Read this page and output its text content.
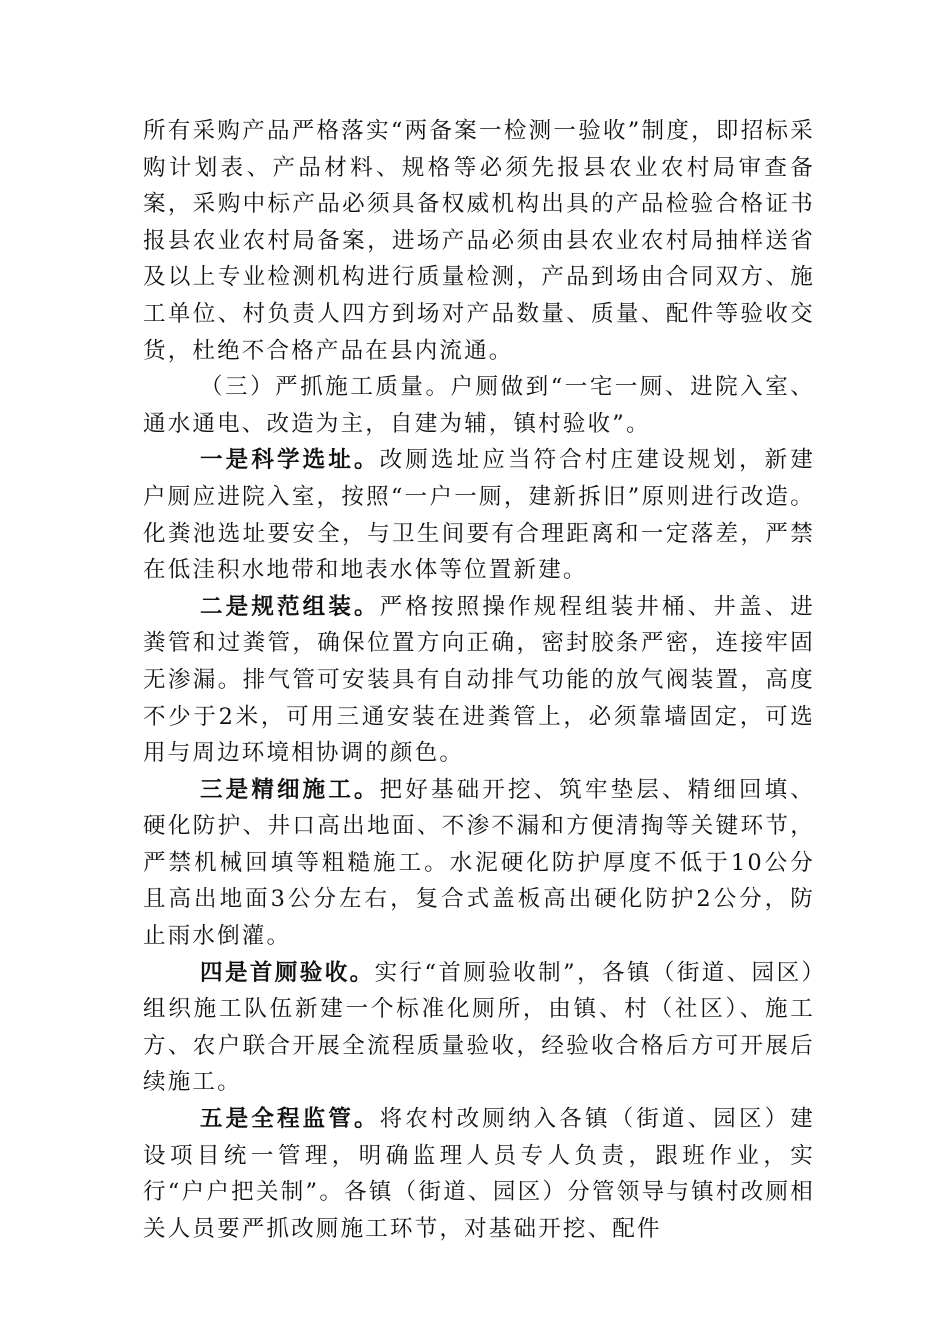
所有采购产品严格落实“两备案一检测一验收”制度，即招标采购计划表、产品材料、规格等必须先报县农业农村局审查备案，采购中标产品必须具备权威机构出具的产品检验合格证书报县农业农村局备案，进场产品必须由县农业农村局抽样送省及以上专业检测机构进行质量检测，产品到场由合同双方、施工单位、村负责人四方到场对产品数量、质量、配件等验收交货，杜绝不合格产品在县内流通。

（三）严抓施工质量。户厕做到“一宅一厕、进院入室、通水通电、改造为主，自建为辅，镇村验收”。

一是科学选址。改厕选址应当符合村庄建设规划，新建户厕应进院入室，按照“一户一厕，建新拆旧”原则进行改造。化粪池选址要安全，与卫生间要有合理距离和一定落差，严禁在低洼积水地带和地表水体等位置新建。

二是规范组装。严格按照操作规程组装井桶、井盖、进粪管和过粪管，确保位置方向正确，密封胶条严密，连接牢固无渗漏。排气管可安装具有自动排气功能的放气阀装置，高度不少于2米，可用三通安装在进粪管上，必须靠墙固定，可选用与周边环境相协调的颜色。

三是精细施工。把好基础开挖、筑牢垫层、精细回填、硬化防护、井口高出地面、不渗不漏和方便清掏等关键环节，严禁机械回填等粗糙施工。水泥硬化防护厚度不低于10公分且高出地面3公分左右，复合式盖板高出硬化防护2公分，防止雨水倒灌。

四是首厕验收。实行“首厕验收制”，各镇（街道、园区）组织施工队伍新建一个标准化厕所，由镇、村（社区）、施工方、农户联合开展全流程质量验收，经验收合格后方可开展后续施工。

五是全程监管。将农村改厕纳入各镇（街道、园区）建设项目统一管理，明确监理人员专人负责，跟班作业，实行“户户把关制”。各镇（街道、园区）分管领导与镇村改厕相关人员要严抓改厕施工环节，对基础开挖、配件
